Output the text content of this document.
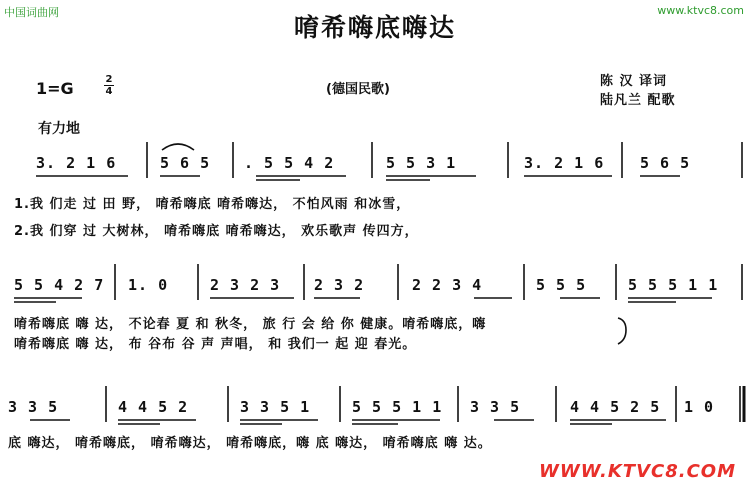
中国词曲网	www.ktvc8.com
唷希嗨底嗨达
1=G	2
4	(德国民歌)
陈 汉 译词
陆凡兰 配歌
有力地
3. 2 1 6	5 6 5 . 5 5 4 2	5 5 3 1	3. 2 1 6 5 6 5
1.我 们走 过 田 野， 唷希嗨底 唷希嗨达， 不怕风雨 和冰雪，
2.我 们穿 过 大树林， 唷希嗨底 唷希嗨达， 欢乐歌声 传四方，
5 5 4 2 7 1. 0	2 3 2 3 2 3 2	2 2 3 4	5 5 5	5 5 5 1 1
唷希嗨底 嗨 达， 不论春 夏 和 秋冬， 旅 行 会 给 你 健康。唷希嗨底，嗨
唷希嗨底 嗨 达， 布 谷布 谷 声 声唱， 和 我们一 起 迎 春光。
3 3 5	4 4 5 2	3 3 5 1	5 5 5 1 1 3 3 5	4 4 5 2 5 1 0
底 嗨达， 唷希嗨底， 唷希嗨达， 唷希嗨底，嗨 底 嗨达， 唷希嗨底 嗨 达。
WWW.KTVC8.COM
